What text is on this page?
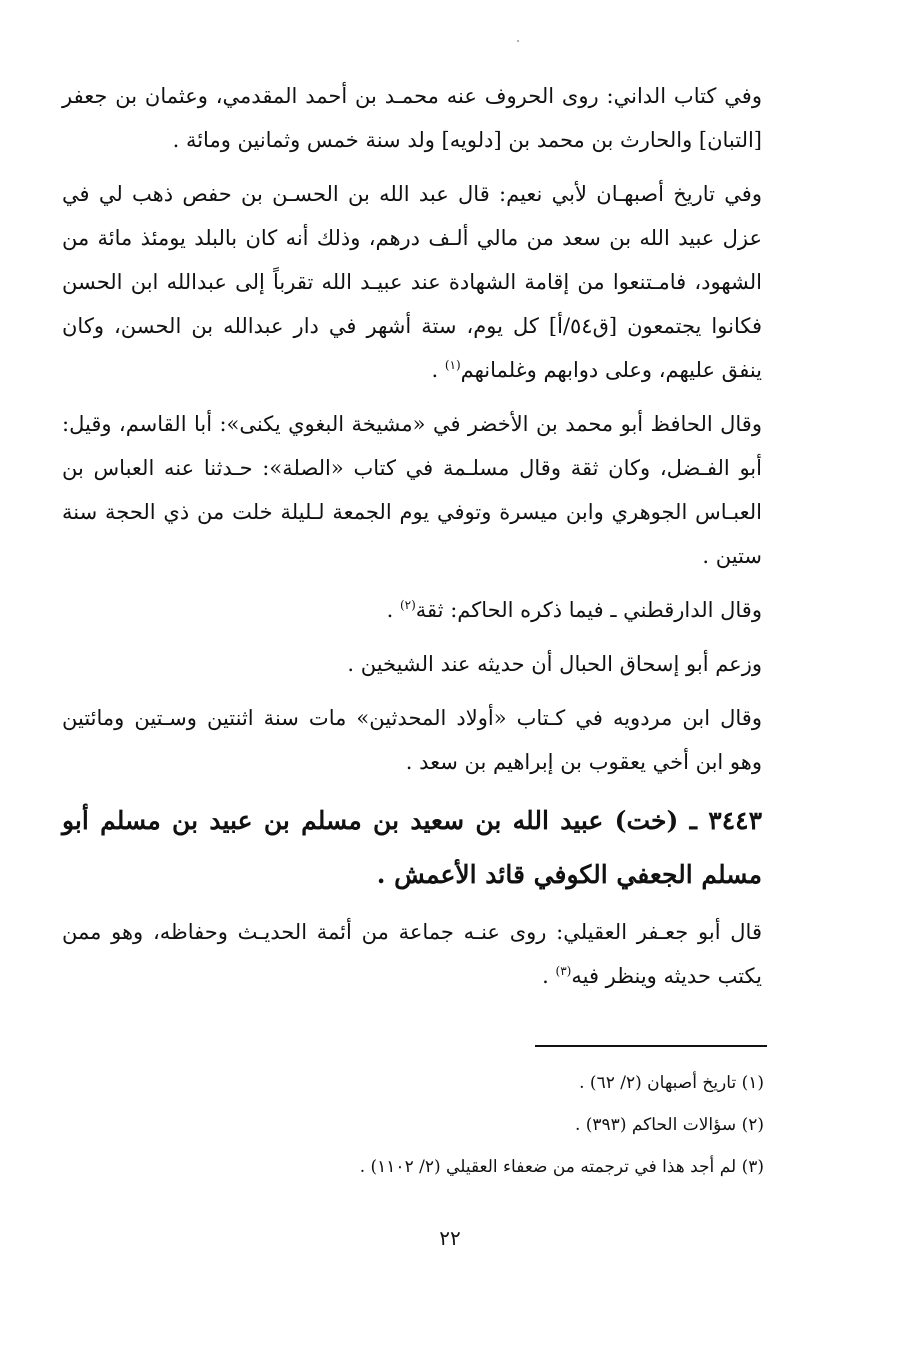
وفي كتاب الداني: روى الحروف عنه محمـد بن أحمد المقدمي، وعثمان بن جعفر [التبان] والحارث بن محمد بن [دلويه] ولد سنة خمس وثمانين ومائة .

وفي تاريخ أصبهـان لأبي نعيم: قال عبد الله بن الحسـن بن حفص ذهب لي في عزل عبيد الله بن سعد من مالي ألـف درهم، وذلك أنه كان بالبلد يومئذ مائة من الشهود، فامـتنعوا من إقامة الشهادة عند عبيـد الله تقرباً إلى عبدالله ابن الحسن فكانوا يجتمعون [ق٥٤/أ] كل يوم، ستة أشهر في دار عبدالله بن الحسن، وكان ينفق عليهم، وعلى دوابهم وغلمانهم$^{(١)}$ .

وقال الحافظ أبو محمد بن الأخضر في «مشيخة البغوي يكنى»: أبا القاسم، وقيل: أبو الفـضل، وكان ثقة وقال مسلـمة في كتاب «الصلة»: حـدثنا عنه العباس بن العبـاس الجوهري وابن ميسرة وتوفي يوم الجمعة لـليلة خلت من ذي الحجة سنة ستين .

وقال الدارقطني ـ فيما ذكره الحاكم: ثقة$^{(٢)}$ .

وزعم أبو إسحاق الحبال أن حديثه عند الشيخين .

وقال ابن مردويه في كـتاب «أولاد المحدثين» مات سنة اثنتين وسـتين ومائتين وهو ابن أخي يعقوب بن إبراهيم بن سعد .

٣٤٤٣ ـ (خت) عبيد الله بن سعيد بن مسلم بن عبيد بن مسلم أبو مسلم الجعفي الكوفي قائد الأعمش .

قال أبو جعـفر العقيلي: روى عنـه جماعة من أئمة الحديـث وحفاظه، وهو ممن يكتب حديثه وينظر فيه$^{(٣)}$ .

(١) تاريخ أصبهان (٢/ ٦٢) .
(٢) سؤالات الحاكم (٣٩٣) .
(٣) لم أجد هذا في ترجمته من ضعفاء العقيلي (٢/ ١١٠٢) .
٢٢
